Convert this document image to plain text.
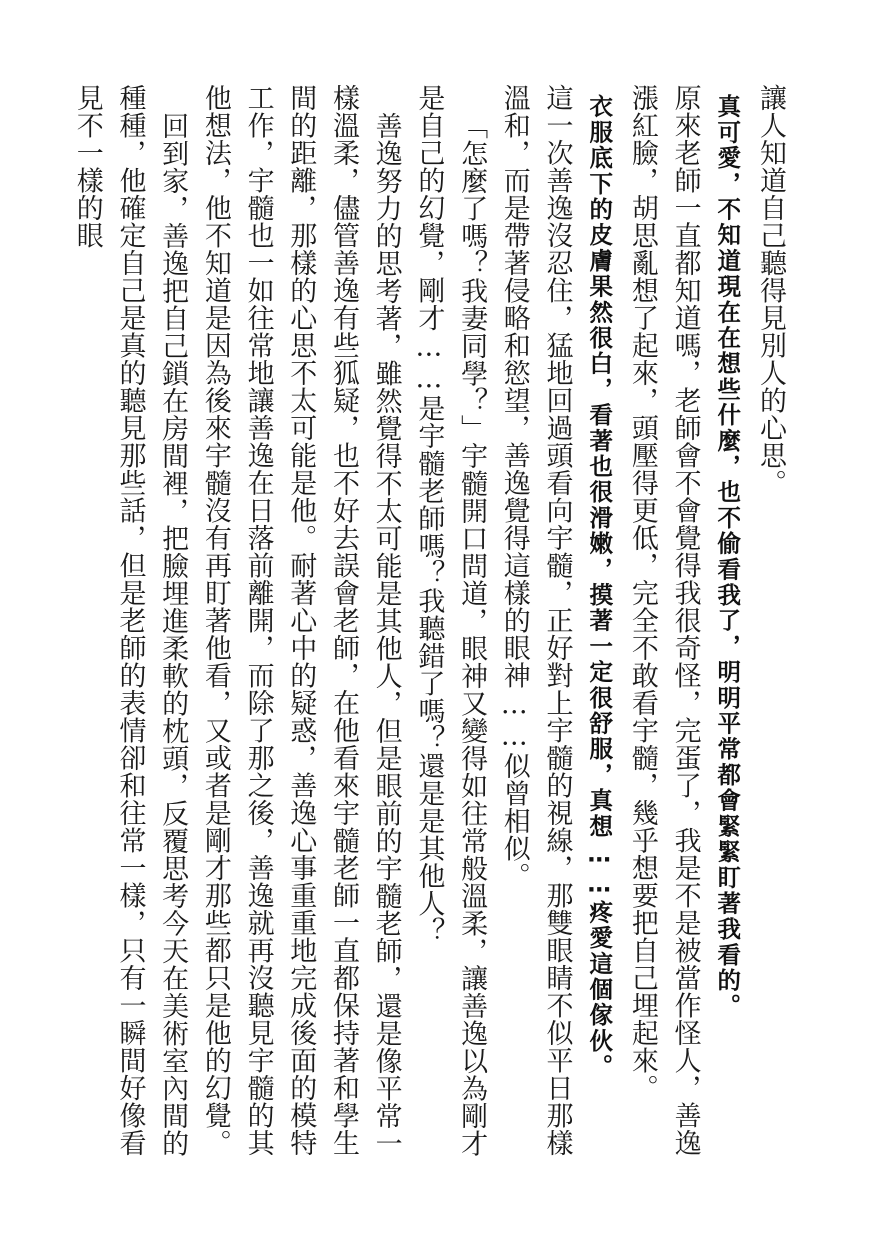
讓人知道自己聽得見別人的心思。

真可愛，不知道現在在想些什麼，也不偷看我了，明明平常都會緊緊盯著我看的。

原來老師一直都知道嗎，老師會不會覺得我很奇怪，完蛋了，我是不是被當作怪人，善逸漲紅臉，胡思亂想了起來，頭壓得更低，完全不敢看宇髓，幾乎想要把自己埋起來。

衣服底下的皮膚果然很白，看著也很滑嫩，摸著一定很舒服，真想……疼愛這個傢伙。

這一次善逸沒忍住，猛地回過頭看向宇髓，正好對上宇髓的視線，那雙眼睛不似平日那樣溫和，而是帶著侵略和慾望，善逸覺得這樣的眼神……似曾相似。

「怎麼了嗎？我妻同學？」宇髓開口問道，眼神又變得如往常般溫柔，讓善逸以為剛才是自己的幻覺，剛才……是宇髓老師嗎？我聽錯了嗎？還是是其他人？

善逸努力的思考著，雖然覺得不太可能是其他人，但是眼前的宇髓老師，還是像平常一樣溫柔，儘管善逸有些狐疑，也不好去誤會老師，在他看來宇髓老師一直都保持著和學生間的距離，那樣的心思不太可能是他。耐著心中的疑惑，善逸心事重重地完成後面的模特工作，宇髓也一如往常地讓善逸在日落前離開，而除了那之後，善逸就再沒聽見宇髓的其他想法，他不知道是因為後來宇髓沒有再盯著他看，又或者是剛才那些都只是他的幻覺。

回到家，善逸把自己鎖在房間裡，把臉埋進柔軟的枕頭，反覆思考今天在美術室內間的種種，他確定自己是真的聽見那些話，但是老師的表情卻和往常一樣，只有一瞬間好像看見不一樣的眼
